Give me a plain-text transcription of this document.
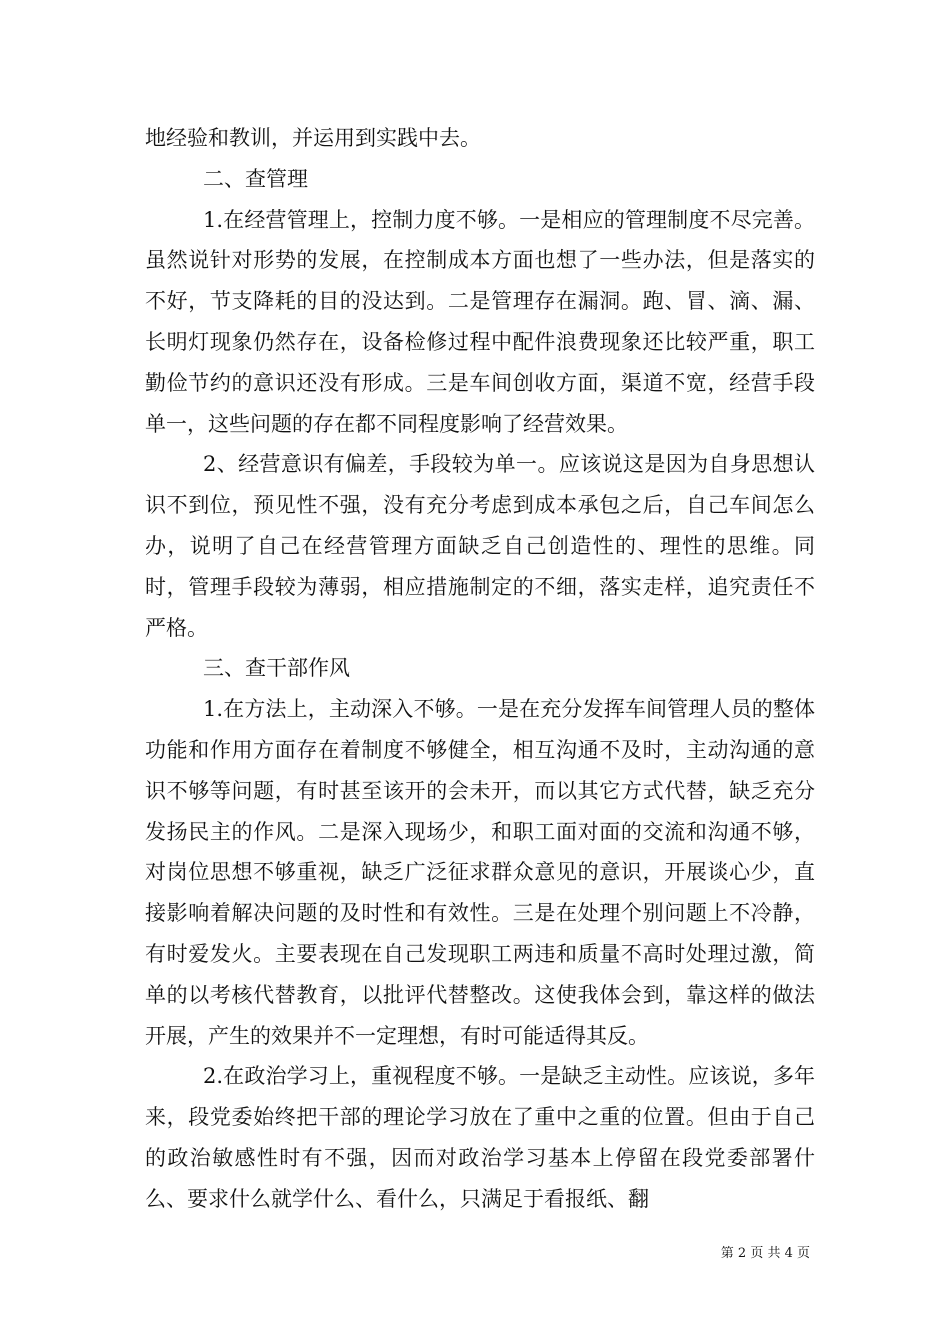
地经验和教训，并运用到实践中去。

二、查管理

1.在经营管理上，控制力度不够。一是相应的管理制度不尽完善。虽然说针对形势的发展，在控制成本方面也想了一些办法，但是落实的不好，节支降耗的目的没达到。二是管理存在漏洞。跑、冒、滴、漏、长明灯现象仍然存在，设备检修过程中配件浪费现象还比较严重，职工勤俭节约的意识还没有形成。三是车间创收方面，渠道不宽，经营手段单一，这些问题的存在都不同程度影响了经营效果。

2、经营意识有偏差，手段较为单一。应该说这是因为自身思想认识不到位，预见性不强，没有充分考虑到成本承包之后，自己车间怎么办，说明了自己在经营管理方面缺乏自己创造性的、理性的思维。同时，管理手段较为薄弱，相应措施制定的不细，落实走样，追究责任不严格。

三、查干部作风

1.在方法上，主动深入不够。一是在充分发挥车间管理人员的整体功能和作用方面存在着制度不够健全，相互沟通不及时，主动沟通的意识不够等问题，有时甚至该开的会未开，而以其它方式代替，缺乏充分发扬民主的作风。二是深入现场少，和职工面对面的交流和沟通不够，对岗位思想不够重视，缺乏广泛征求群众意见的意识，开展谈心少，直接影响着解决问题的及时性和有效性。三是在处理个别问题上不冷静，有时爱发火。主要表现在自己发现职工两违和质量不高时处理过激，简单的以考核代替教育，以批评代替整改。这使我体会到，靠这样的做法开展，产生的效果并不一定理想，有时可能适得其反。

2.在政治学习上，重视程度不够。一是缺乏主动性。应该说，多年来，段党委始终把干部的理论学习放在了重中之重的位置。但由于自己的政治敏感性时有不强，因而对政治学习基本上停留在段党委部署什么、要求什么就学什么、看什么，只满足于看报纸、翻

第 2 页 共 4 页
